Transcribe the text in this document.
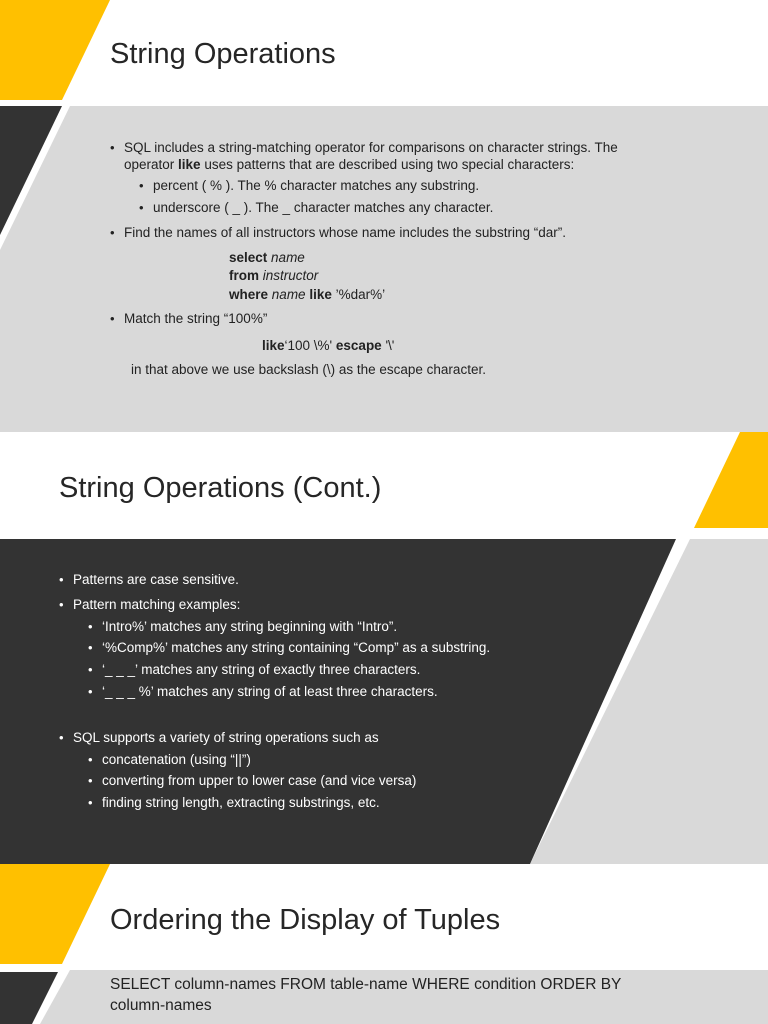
String Operations
• SQL includes a string-matching operator for comparisons on character strings. The
operator like uses patterns that are described using two special characters:
• percent ( % ). The % character matches any substring.
• underscore ( _ ). The _ character matches any character.
• Find the names of all instructors whose name includes the substring “dar”.
select name
from instructor
where name like ’%dar%’
• Match the string “100%”
like‘100 \%' escape '\'
in that above we use backslash (\) as the escape character.
String Operations (Cont.)
• Patterns are case sensitive.
• Pattern matching examples:
• ‘Intro%’ matches any string beginning with “Intro”.
• ‘%Comp%’ matches any string containing “Comp” as a substring.
• ‘_ _ _’ matches any string of exactly three characters.
• ‘_ _ _ %’ matches any string of at least three characters.
• SQL supports a variety of string operations such as
• concatenation (using “||”)
• converting from upper to lower case (and vice versa)
• finding string length, extracting substrings, etc.
Ordering the Display of Tuples
SELECT column-names FROM table-name WHERE condition ORDER BY column-names
